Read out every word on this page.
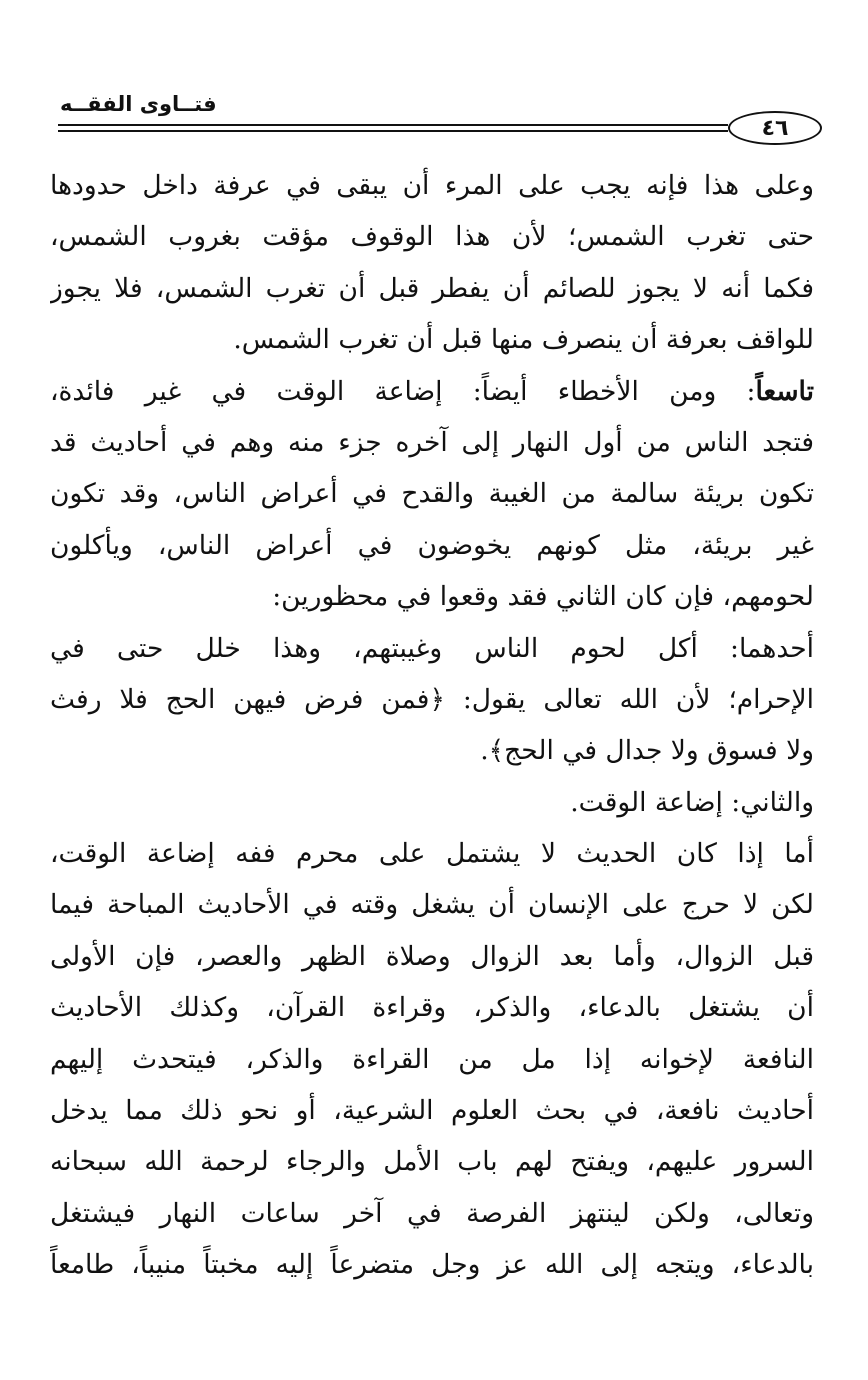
فتــاوى الفقــه
٤٦
وعلى هذا فإنه يجب على المرء أن يبقى في عرفة داخل حدودها
حتى تغرب الشمس؛ لأن هذا الوقوف مؤقت بغروب الشمس،
فكما أنه لا يجوز للصائم أن يفطر قبل أن تغرب الشمس، فلا يجوز
للواقف بعرفة أن ينصرف منها قبل أن تغرب الشمس.
تاسعاً: ومن الأخطاء أيضاً: إضاعة الوقت في غير فائدة،
فتجد الناس من أول النهار إلى آخره جزء منه وهم في أحاديث قد
تكون بريئة سالمة من الغيبة والقدح في أعراض الناس، وقد تكون
غير بريئة، مثل كونهم يخوضون في أعراض الناس، ويأكلون
لحومهم، فإن كان الثاني فقد وقعوا في محظورين:
أحدهما: أكل لحوم الناس وغيبتهم، وهذا خلل حتى في
الإحرام؛ لأن الله تعالى يقول: ﴿فمن فرض فيهن الحج فلا رفث
ولا فسوق ولا جدال في الحج﴾.
والثاني: إضاعة الوقت.
أما إذا كان الحديث لا يشتمل على محرم ففه إضاعة الوقت،
لكن لا حرج على الإنسان أن يشغل وقته في الأحاديث المباحة فيما
قبل الزوال، وأما بعد الزوال وصلاة الظهر والعصر، فإن الأولى
أن يشتغل بالدعاء، والذكر، وقراءة القرآن، وكذلك الأحاديث
النافعة لإخوانه إذا مل من القراءة والذكر، فيتحدث إليهم
أحاديث نافعة، في بحث العلوم الشرعية، أو نحو ذلك مما يدخل
السرور عليهم، ويفتح لهم باب الأمل والرجاء لرحمة الله سبحانه
وتعالى، ولكن لينتهز الفرصة في آخر ساعات النهار فيشتغل
بالدعاء، ويتجه إلى الله عز وجل متضرعاً إليه مخبتاً منيباً، طامعاً
